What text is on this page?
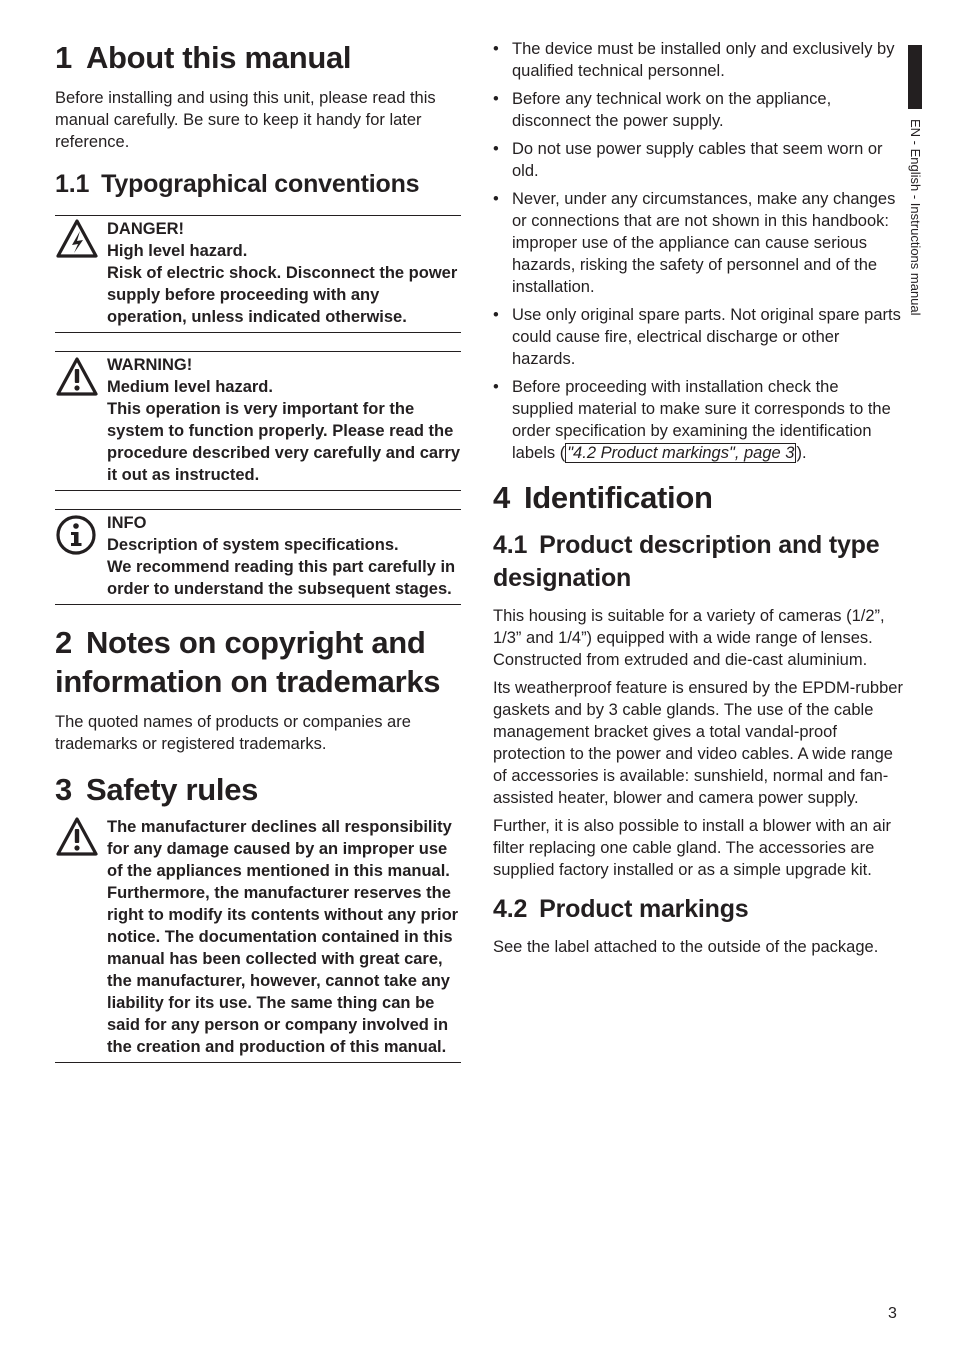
1 About this manual

Before installing and using this unit, please read this manual carefully. Be sure to keep it handy for later reference.

1.1 Typographical conventions
DANGER!
High level hazard.
Risk of electric shock. Disconnect the power supply before proceeding with any operation, unless indicated otherwise.
WARNING!
Medium level hazard.
This operation is very important for the system to function properly. Please read the procedure described very carefully and carry it out as instructed.
INFO
Description of system specifications.
We recommend reading this part carefully in order to understand the subsequent stages.
2 Notes on copyright and
information on trademarks

The quoted names of products or companies are trademarks or registered trademarks.

3 Safety rules
The manufacturer declines all responsibility for any damage caused by an improper use of the appliances mentioned in this manual. Furthermore, the manufacturer reserves the right to modify its contents without any prior notice. The documentation contained in this manual has been collected with great care, the manufacturer, however, cannot take any liability for its use. The same thing can be said for any person or company involved in the creation and production of this manual.
• The device must be installed only and exclusively by qualified technical personnel.
• Before any technical work on the appliance, disconnect the power supply.
• Do not use power supply cables that seem worn or old.
• Never, under any circumstances, make any changes or connections that are not shown in this handbook: improper use of the appliance can cause serious hazards, risking the safety of personnel and of the installation.
• Use only original spare parts. Not original spare parts could cause fire, electrical discharge or other hazards.
• Before proceeding with installation check the supplied material to make sure it corresponds to the order specification by examining the identification labels ( "4.2 Product markings", page 3 ).
4 Identification
4.1 Product description and type
designation

This housing is suitable for a variety of cameras (1/2”, 1/3” and 1/4”) equipped with a wide range of lenses. Constructed from extruded and die-cast aluminium.

Its weatherproof feature is ensured by the EPDM-rubber gaskets and by 3 cable glands. The use of the cable management bracket gives a total vandal-proof protection to the power and video cables. A wide range of accessories is available: sunshield, normal and fan-assisted heater, blower and camera power supply.

Further, it is also possible to install a blower with an air filter replacing one cable gland. The accessories are supplied factory installed or as a simple upgrade kit.

4.2 Product markings

See the label attached to the outside of the package.

EN - English - Instructions manual
3
